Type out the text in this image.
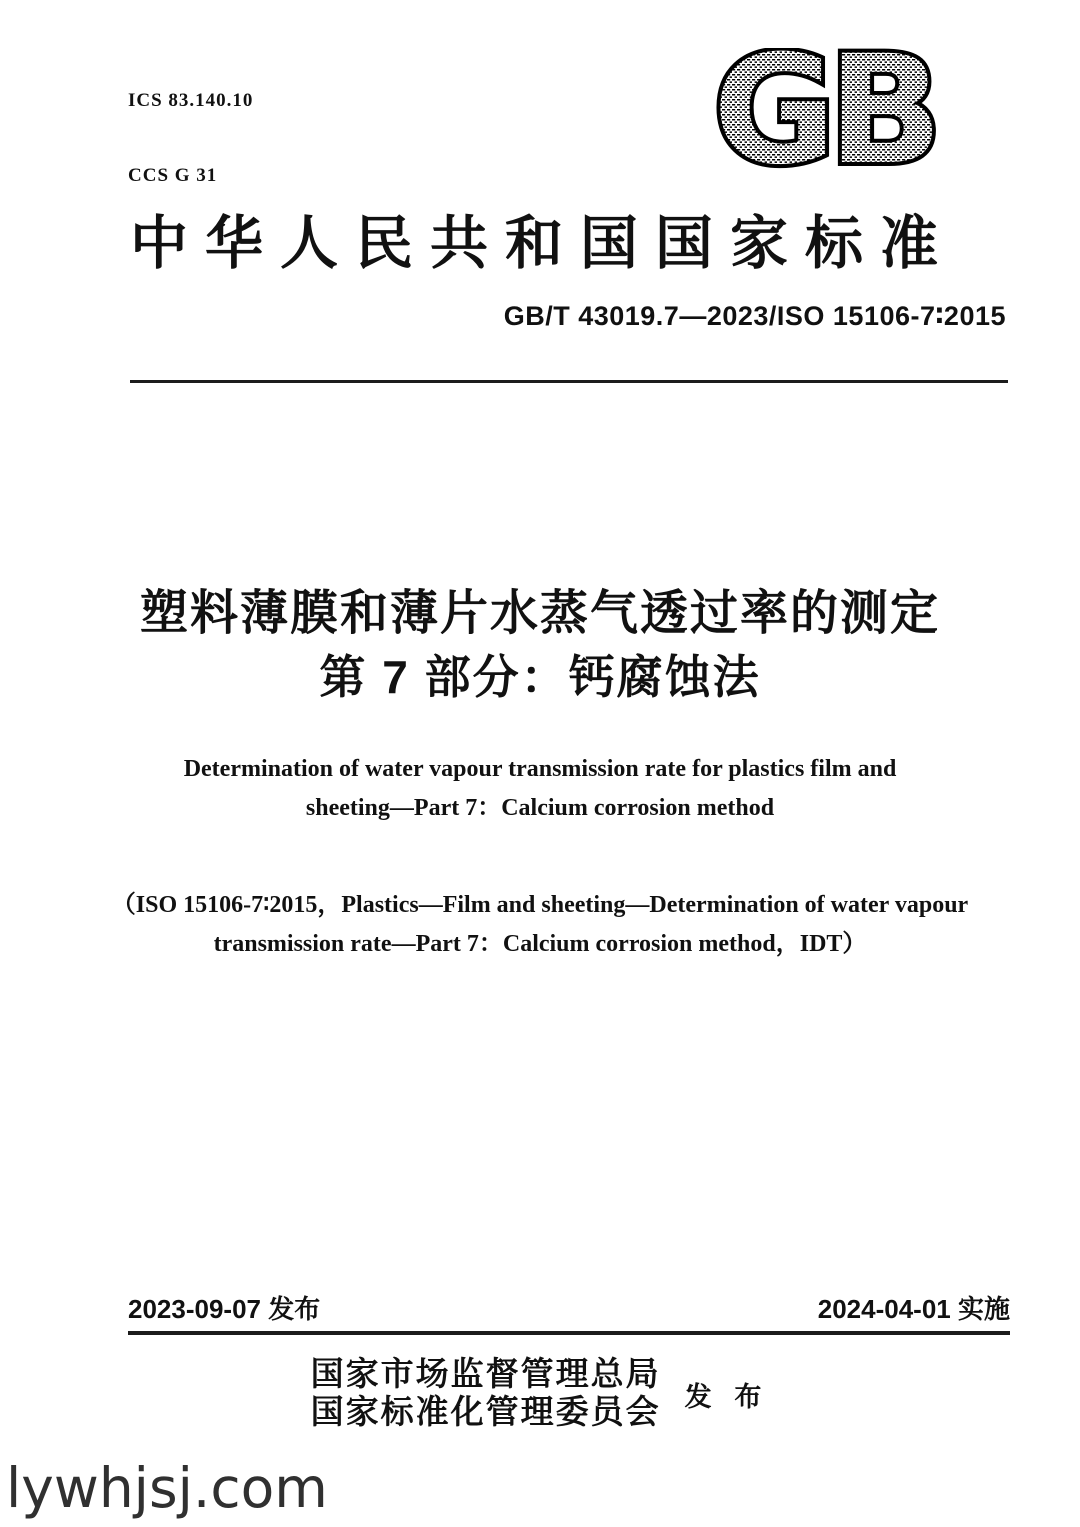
ICS 83.140.10

CCS G 31

	GB
中华人民共和国国家标准
GB/T 43019.7—2023/ISO 15106-7∶2015
塑料薄膜和薄片水蒸气透过率的测定
第 7 部分：钙腐蚀法
Determination of water vapour transmission rate for plastics film and
sheeting—Part 7：Calcium corrosion method
（ISO 15106-7∶2015，Plastics—Film and sheeting—Determination of water vapour
transmission rate—Part 7：Calcium corrosion method，IDT）
2023-09-07 发布	2024-04-01 实施
国家市场监督管理总局
国家标准化管理委员会 发 布
lywhjsj.com
